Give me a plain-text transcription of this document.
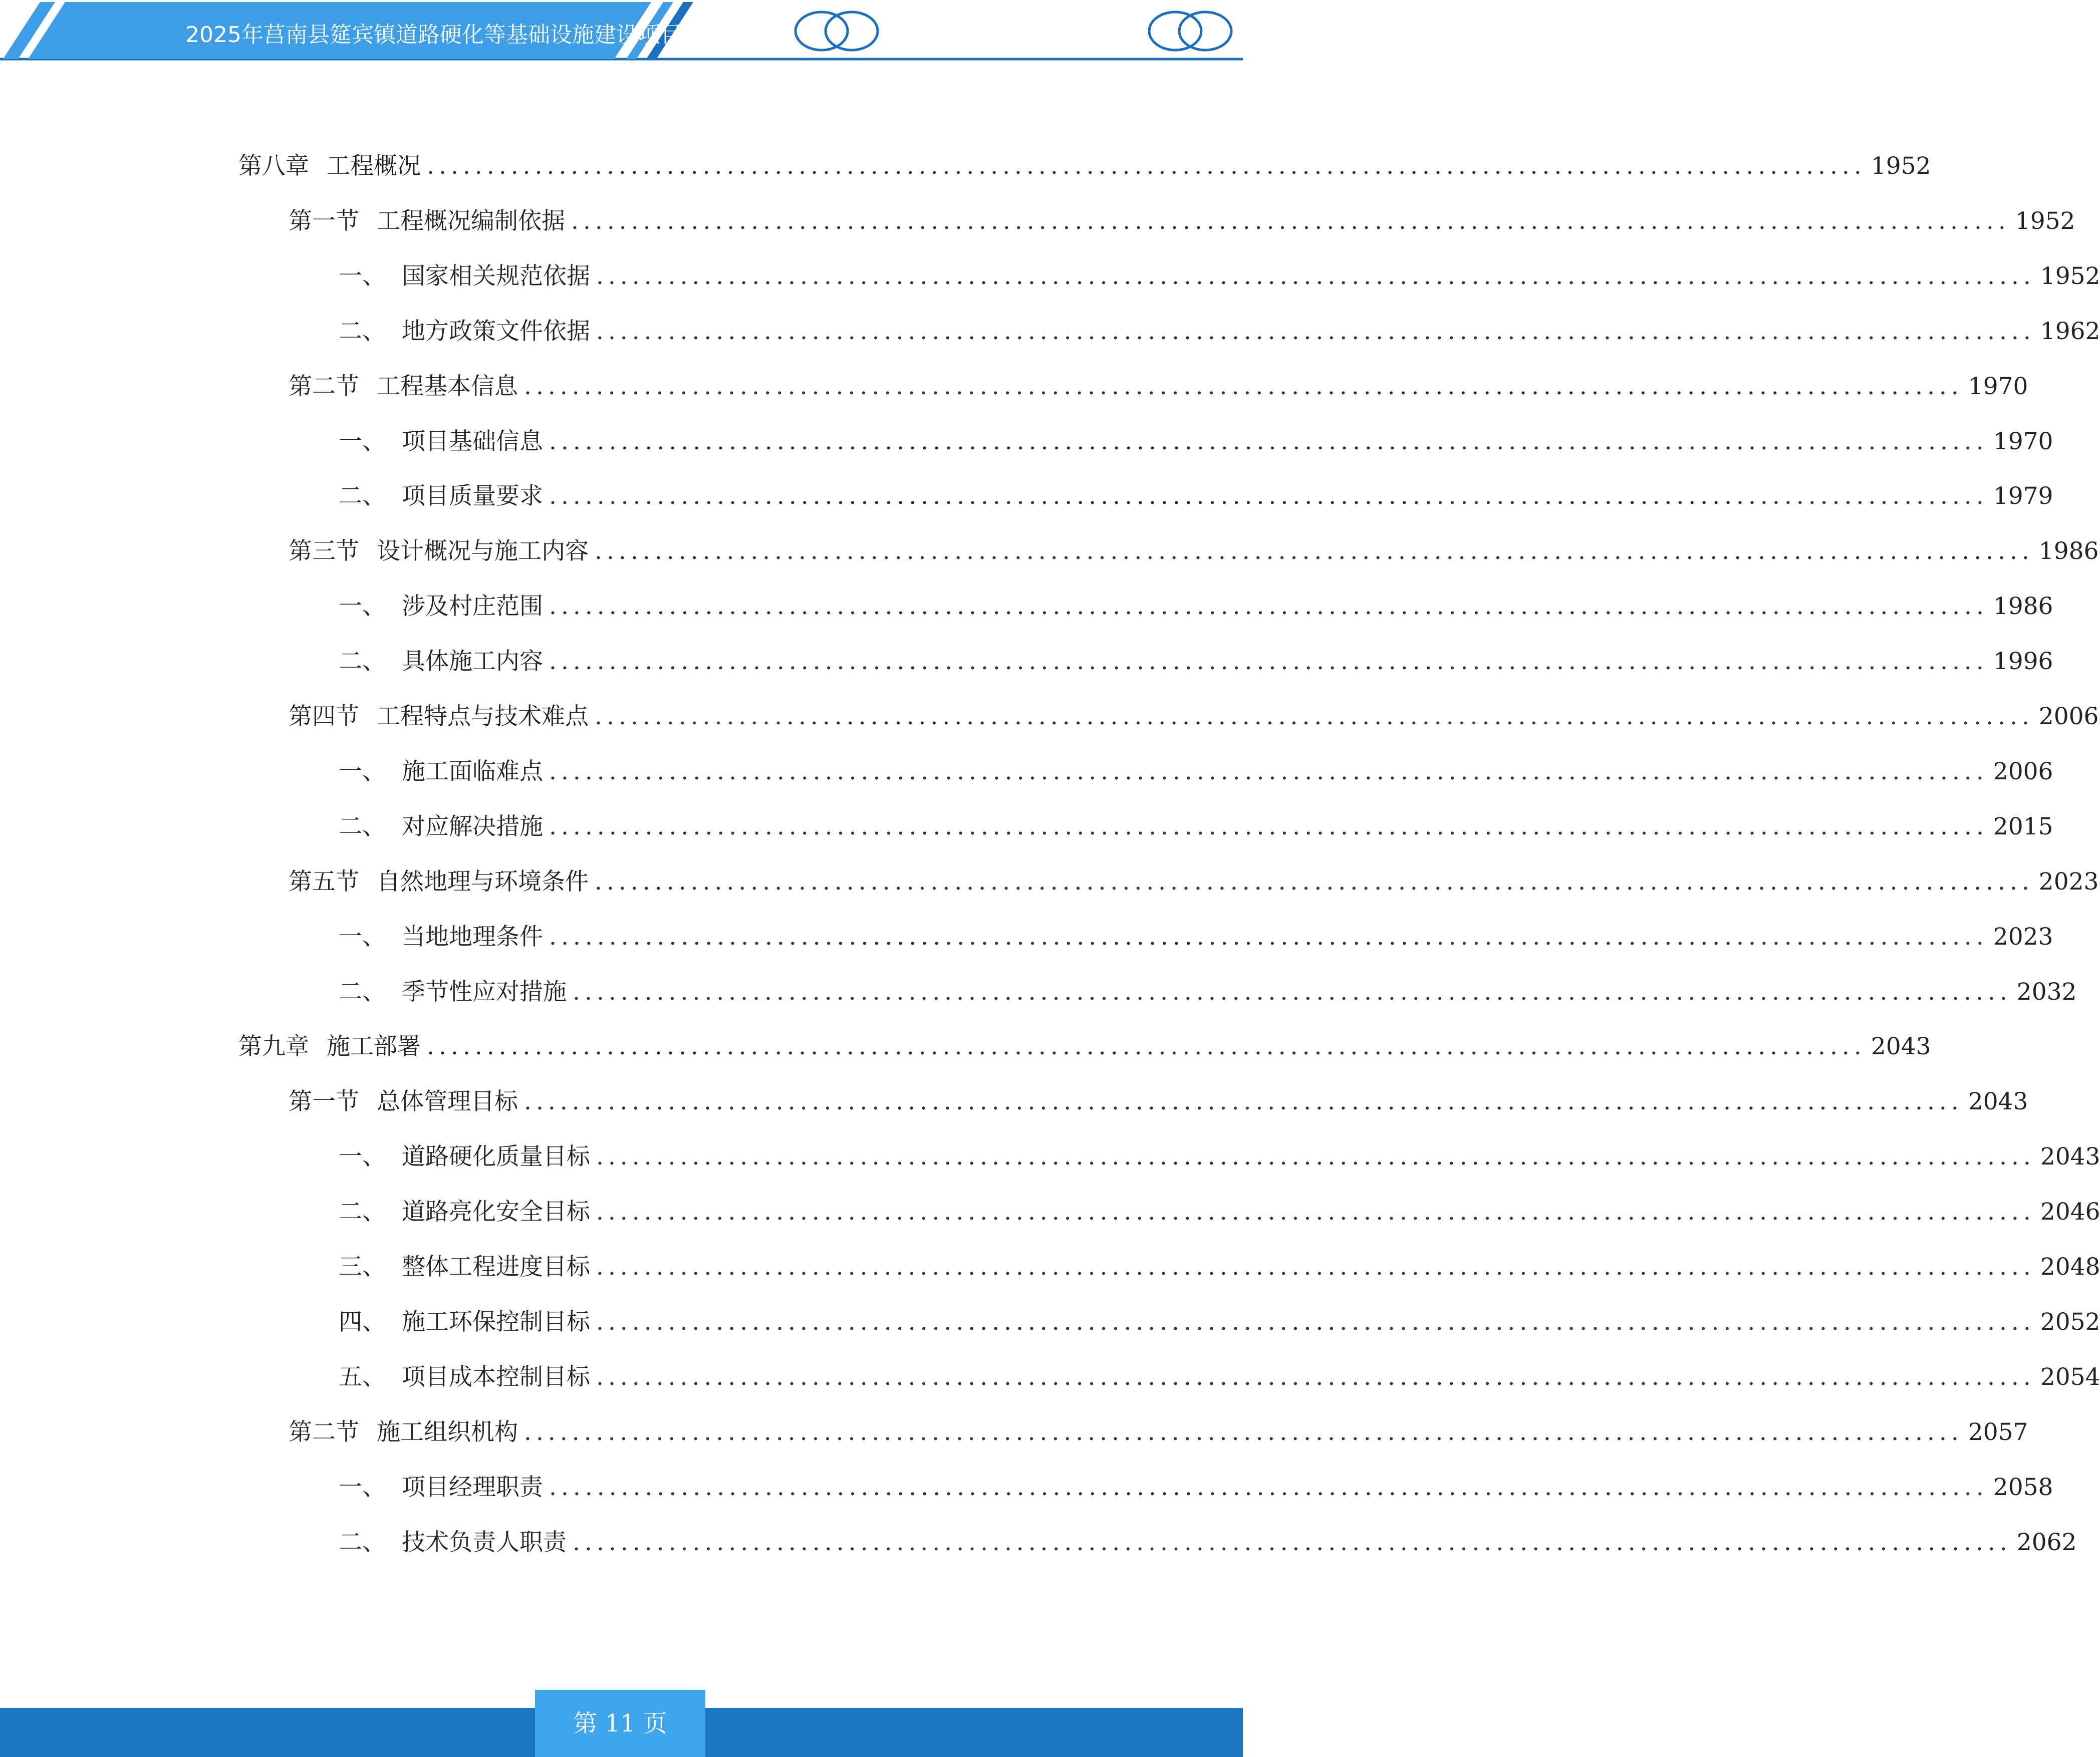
2025年莒南县筵宾镇道路硬化等基础设施建设项目
第八章 工程概况 ........................................................................................................................ 1952
第一节 工程概况编制依据 ........................................................................................................................ 1952
一、 国家相关规范依据 ........................................................................................................................ 1952
二、 地方政策文件依据 ........................................................................................................................ 1962
第二节 工程基本信息 ........................................................................................................................ 1970
一、 项目基础信息 ........................................................................................................................ 1970
二、 项目质量要求 ........................................................................................................................ 1979
第三节 设计概况与施工内容 ........................................................................................................................ 1986
一、 涉及村庄范围 ........................................................................................................................ 1986
二、 具体施工内容 ........................................................................................................................ 1996
第四节 工程特点与技术难点 ........................................................................................................................ 2006
一、 施工面临难点 ........................................................................................................................ 2006
二、 对应解决措施 ........................................................................................................................ 2015
第五节 自然地理与环境条件 ........................................................................................................................ 2023
一、 当地地理条件 ........................................................................................................................ 2023
二、 季节性应对措施 ........................................................................................................................ 2032
第九章 施工部署 ........................................................................................................................ 2043
第一节 总体管理目标 ........................................................................................................................ 2043
一、 道路硬化质量目标 ........................................................................................................................ 2043
二、 道路亮化安全目标 ........................................................................................................................ 2046
三、 整体工程进度目标 ........................................................................................................................ 2048
四、 施工环保控制目标 ........................................................................................................................ 2052
五、 项目成本控制目标 ........................................................................................................................ 2054
第二节 施工组织机构 ........................................................................................................................ 2057
一、 项目经理职责 ........................................................................................................................ 2058
二、 技术负责人职责 ........................................................................................................................ 2062
第 11 页
